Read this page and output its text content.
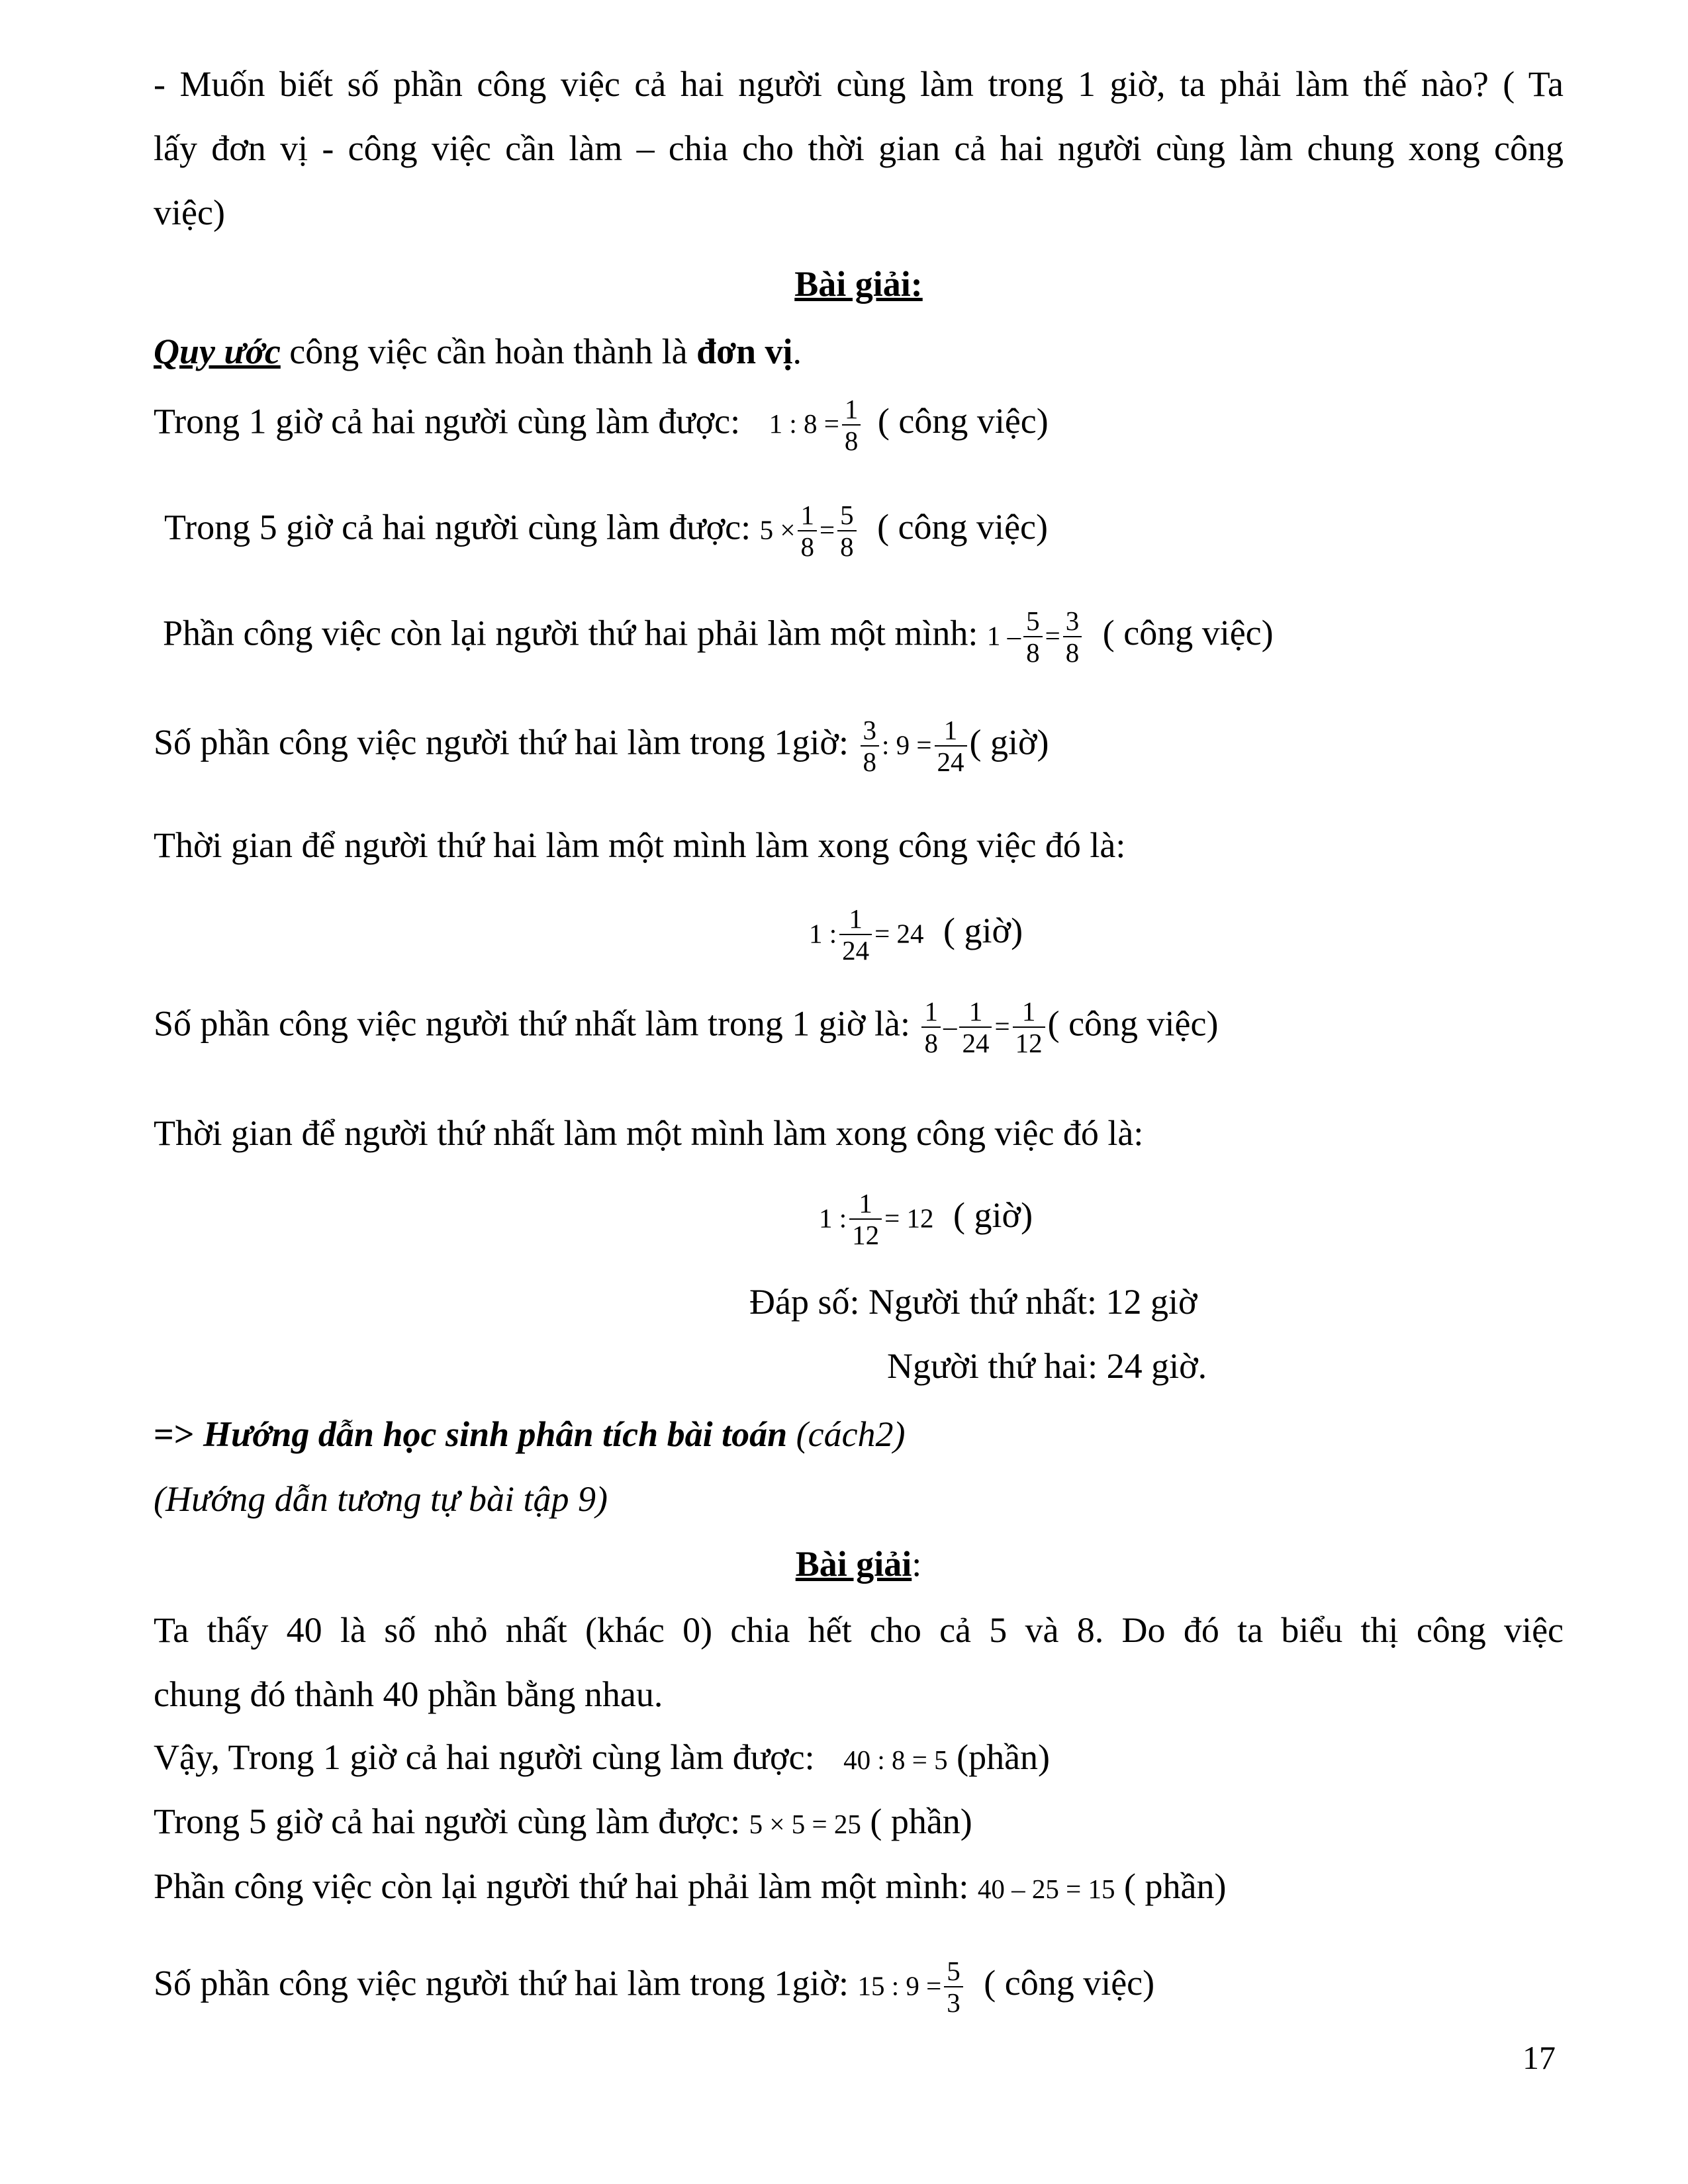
- Muốn biết số phần công việc cả hai người cùng làm trong 1 giờ, ta phải làm thế nào? ( Ta
lấy đơn vị - công việc cần làm – chia cho thời gian cả hai người cùng làm chung xong công
việc)
Bài giải:
Quy ước công việc cần hoàn thành là đơn vị.
Trong 1 giờ cả hai người cùng làm được: 1 : $8 = \frac{1}{8}$ ( công việc)
Trong 5 giờ cả hai người cùng làm được: $5 \times \frac{1}{8} = \frac{5}{8}$ ( công việc)
Phần công việc còn lại người thứ hai phải làm một mình: $1 - \frac{5}{8} = \frac{3}{8}$ ( công việc)
Số phần công việc người thứ hai làm trong 1giờ: $\frac{3}{8}$ : $9 = \frac{1}{24}$ ( giờ)
Thời gian để người thứ hai làm một mình làm xong công việc đó là:
1 : $\frac{1}{24} = 24$ ( giờ)
Số phần công việc người thứ nhất làm trong 1 giờ là: $\frac{1}{8} - \frac{1}{24} = \frac{1}{12}$ ( công việc)
Thời gian để người thứ nhất làm một mình làm xong công việc đó là:
1 : $\frac{1}{12} = 12$ ( giờ)
Đáp số: Người thứ nhất: 12 giờ
Người thứ hai: 24 giờ.
=> Hướng dẫn học sinh phân tích bài toán (cách2)
(Hướng dẫn tương tự bài tập 9)
Bài giải:
Ta thấy 40 là số nhỏ nhất (khác 0) chia hết cho cả 5 và 8. Do đó ta biểu thị công việc
chung đó thành 40 phần bằng nhau.
Vậy, Trong 1 giờ cả hai người cùng làm được: 40 : 8 = 5 (phần)
Trong 5 giờ cả hai người cùng làm được: 5 × 5 = 25 ( phần)
Phần công việc còn lại người thứ hai phải làm một mình: 40 – 25 = 15 ( phần)
Số phần công việc người thứ hai làm trong 1giờ: 15 : $9 = \frac{5}{3}$ ( công việc)
17
